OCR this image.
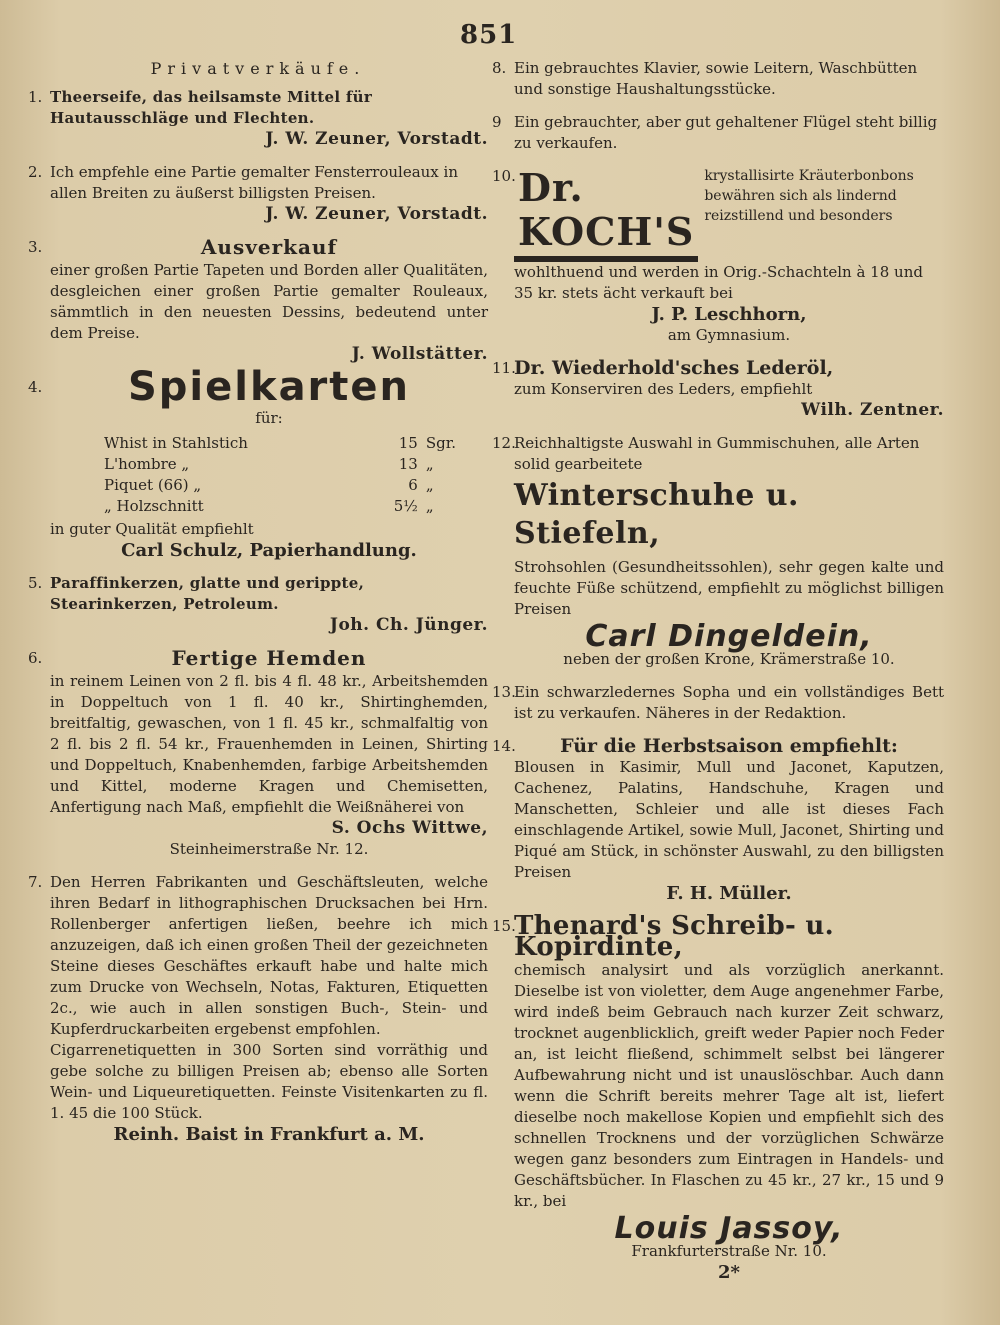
851
Privatverkäufe.
1. Theerseife, das heilsamste Mittel für Hautausschläge und Flechten.
J. W. Zeuner, Vorstadt.
2. Ich empfehle eine Partie gemalter Fensterrouleaux in allen Breiten zu äußerst billigsten Preisen.
J. W. Zeuner, Vorstadt.
3.	Ausverkauf
einer großen Partie Tapeten und Borden aller Qualitäten, desgleichen einer großen Partie gemalter Rouleaux, sämmtlich in den neuesten Dessins, bedeutend unter dem Preise.
J. Wollstätter.
4.	Spielkarten
für:
Whist in Stahlstich	15	Sgr.
L'hombre „	13	„
Piquet (66) „	6	„
„ Holzschnitt	5½	„
in guter Qualität empfiehlt
Carl Schulz, Papierhandlung.
5. Paraffinkerzen, glatte und gerippte, Stearinkerzen, Petroleum.
Joh. Ch. Jünger.
6.	Fertige Hemden
in reinem Leinen von 2 fl. bis 4 fl. 48 kr., Arbeitshemden in Doppeltuch von 1 fl. 40 kr., Shirtinghemden, breitfaltig, gewaschen, von 1 fl. 45 kr., schmalfaltig von 2 fl. bis 2 fl. 54 kr., Frauenhemden in Leinen, Shirting und Doppeltuch, Knabenhemden, farbige Arbeitshemden und Kittel, moderne Kragen und Chemisetten, Anfertigung nach Maß, empfiehlt die Weißnäherei von
S. Ochs Wittwe,
Steinheimerstraße Nr. 12.
7. Den Herren Fabrikanten und Geschäftsleuten, welche ihren Bedarf in lithographischen Drucksachen bei Hrn. Rollenberger anfertigen ließen, beehre ich mich anzuzeigen, daß ich einen großen Theil der gezeichneten Steine dieses Geschäftes erkauft habe und halte mich zum Drucke von Wechseln, Notas, Fakturen, Etiquetten 2c., wie auch in allen sonstigen Buch-, Stein- und Kupferdruckarbeiten ergebenst empfohlen.
Cigarrenetiquetten in 300 Sorten sind vorräthig und gebe solche zu billigen Preisen ab; ebenso alle Sorten Wein- und Liqueuretiquetten. Feinste Visitenkarten zu fl. 1. 45 die 100 Stück.
Reinh. Baist in Frankfurt a. M.
8. Ein gebrauchtes Klavier, sowie Leitern, Waschbütten und sonstige Haushaltungsstücke.
9 Ein gebrauchter, aber gut gehaltener Flügel steht billig zu verkaufen.
10. Dr. KOCH'S
krystallisirte Kräuterbonbons bewähren sich als lindernd reizstillend und besonders
wohlthuend und werden in Orig.-Schachteln à 18 und 35 kr. stets ächt verkauft bei
J. P. Leschhorn,
am Gymnasium.
11.
Dr. Wiederhold'sches Lederöl,
zum Konserviren des Leders, empfiehlt
Wilh. Zentner.
12.
Reichhaltigste Auswahl in Gummischuhen, alle Arten solid gearbeitete
Winterschuhe u. Stiefeln,
Strohsohlen (Gesundheitssohlen), sehr gegen kalte und feuchte Füße schützend, empfiehlt zu möglichst billigen Preisen
Carl Dingeldein,
neben der großen Krone, Krämerstraße 10.
13.
Ein schwarzledernes Sopha und ein vollständiges Bett ist zu verkaufen. Näheres in der Redaktion.
14.	Für die Herbstsaison empfiehlt:
Blousen in Kasimir, Mull und Jaconet, Kaputzen, Cachenez, Palatins, Handschuhe, Kragen und Manschetten, Schleier und alle ist dieses Fach einschlagende Artikel, sowie Mull, Jaconet, Shirting und Piqué am Stück, in schönster Auswahl, zu den billigsten Preisen
F. H. Müller.
15.
Thenard's Schreib- u. Kopirdinte,
chemisch analysirt und als vorzüglich anerkannt. Dieselbe ist von violetter, dem Auge angenehmer Farbe, wird indeß beim Gebrauch nach kurzer Zeit schwarz, trocknet augenblicklich, greift weder Papier noch Feder an, ist leicht fließend, schimmelt selbst bei längerer Aufbewahrung nicht und ist unauslöschbar. Auch dann wenn die Schrift bereits mehrer Tage alt ist, liefert dieselbe noch makellose Kopien und empfiehlt sich des schnellen Trocknens und der vorzüglichen Schwärze wegen ganz besonders zum Eintragen in Handels- und Geschäftsbücher. In Flaschen zu 45 kr., 27 kr., 15 und 9 kr., bei
Louis Jassoy,
Frankfurterstraße Nr. 10.
2*
